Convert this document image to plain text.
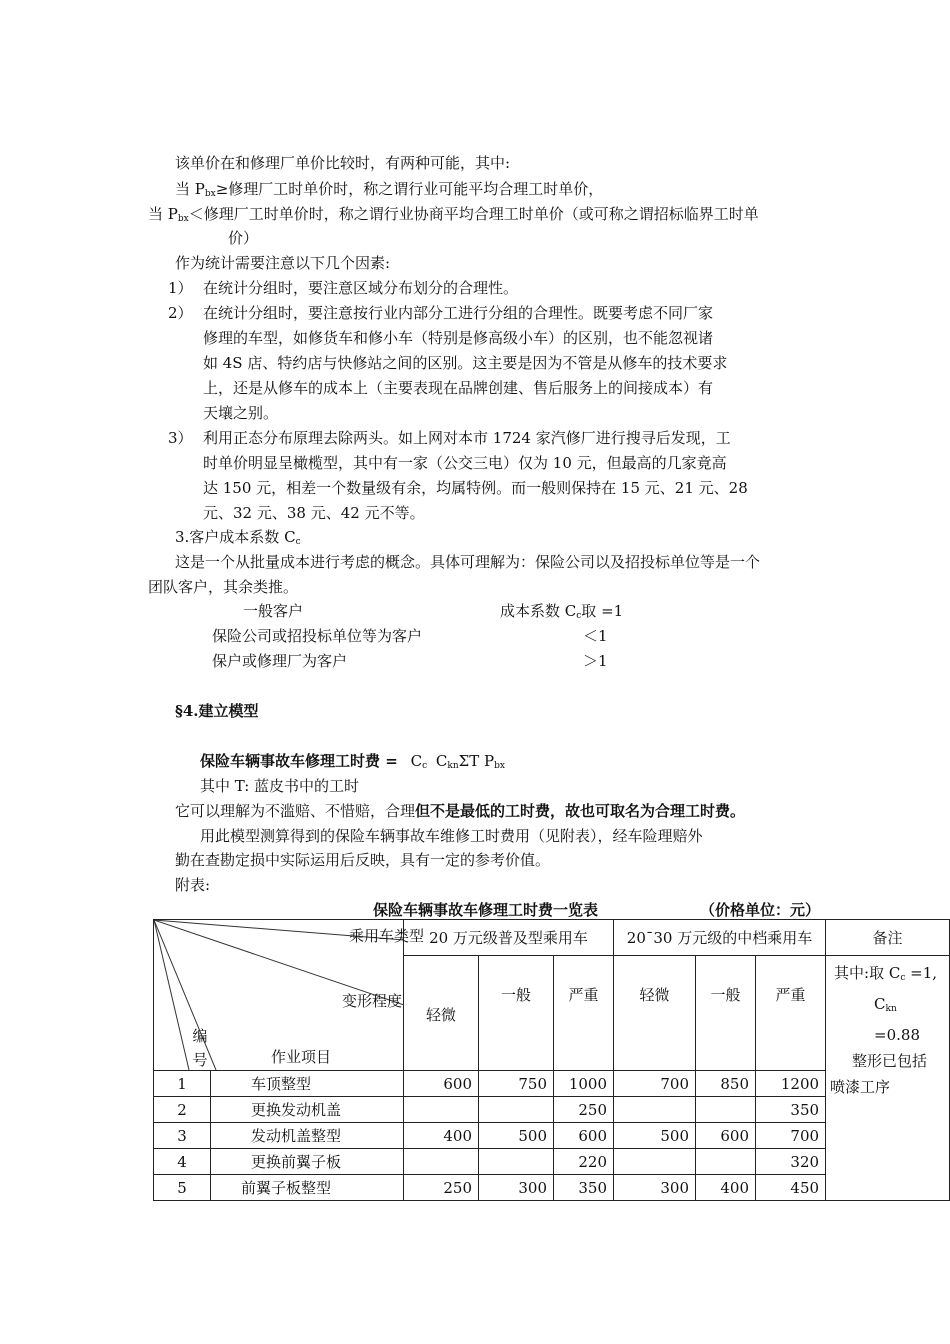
该单价在和修理厂单价比较时，有两种可能，其中:
当 $P_{bx}\ge$修理厂工时单价时，称之谓行业可能平均合理工时单价，
当 $P_{bx}<$修理厂工时单价时，称之谓行业协商平均合理工时单价（或可称之谓招标临界工时单
价）
作为统计需要注意以下几个因素:
1） 在统计分组时，要注意区域分布划分的合理性。
2） 在统计分组时，要注意按行业内部分工进行分组的合理性。既要考虑不同厂家
修理的车型，如修货车和修小车（特别是修高级小车）的区别，也不能忽视诸
如 4S 店、特约店与快修站之间的区别。这主要是因为不管是从修车的技术要求
上，还是从修车的成本上（主要表现在品牌创建、售后服务上的间接成本）有
天壤之别。
3） 利用正态分布原理去除两头。如上网对本市 1724 家汽修厂进行搜寻后发现，工
时单价明显呈橄榄型，其中有一家（公交三电）仅为 10 元，但最高的几家竟高
达 150 元，相差一个数量级有余，均属特例。而一般则保持在 15 元、21 元、28
元、32 元、38 元、42 元不等。
3.客户成本系数 $C_c$
这是一个从批量成本进行考虑的概念。具体可理解为：保险公司以及招投标单位等是一个
团队客户，其余类推。
一般客户	成本系数 $C_c$取 =1
保险公司或招投标单位等为客户	＜1
保户或修理厂为客户	＞1
§4.建立模型
保险车辆事故车修理工时费 = $C_c$ $C_{kn}\Sigma T$ $P_{bx}$
其中 T: 蓝皮书中的工时
它可以理解为不滥赔、不惜赔，合理但不是最低的工时费，故也可取名为合理工时费。
用此模型测算得到的保险车辆事故车维修工时费用（见附表），经车险理赔外
勤在查勘定损中实际运用后反映，具有一定的参考价值。
附表:
保险车辆事故车修理工时费一览表	（价格单位：元）
乘用车类型
变形程度
编号 作业项目		20 万元级普及型乘用车			20¯30 万元级的中档乘用车			备注
		轻微	一般	严重	轻微	一般	严重	其中:取 $C_c =1$,
$C_{kn} =0.88$
整形已包括
喷漆工序

1	车顶整型	600	750	1000	700	850	1200	
2	更换发动机盖			250			350	
3	发动机盖整型	400	500	600	500	600	700	
4	更换前翼子板			220			320	
5	前翼子板整型	250	300	350	300	400	450	
